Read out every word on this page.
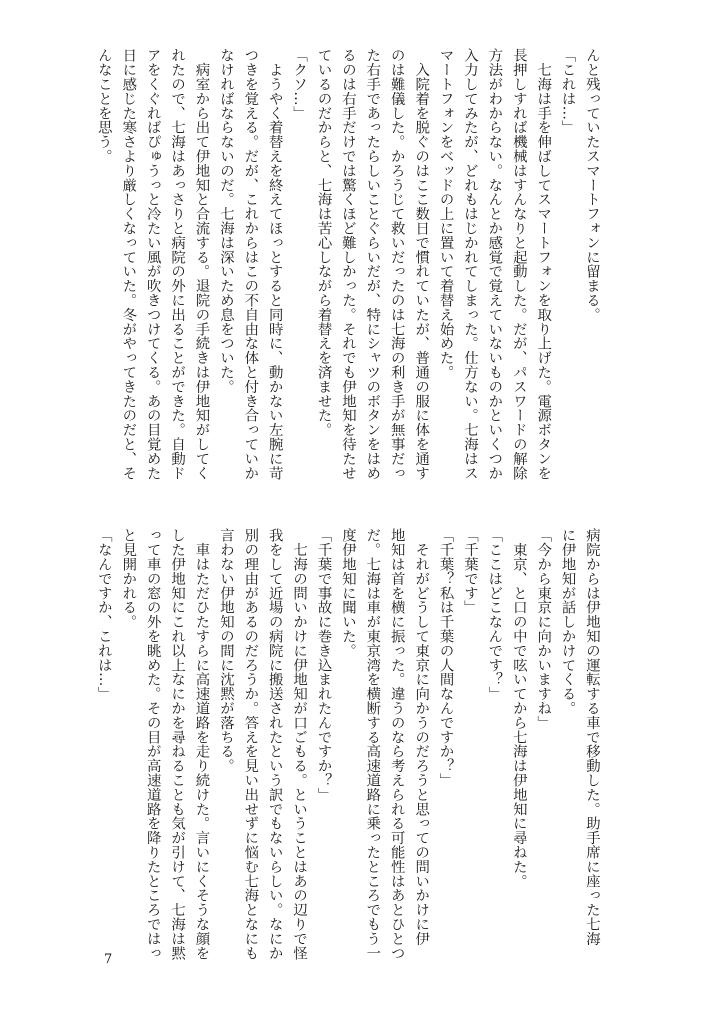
んと残っていたスマートフォンに留まる。
「これは…」
　七海は手を伸ばしてスマートフォンを取り上げた。電源ボタンを
長押しすれば機械はすんなりと起動した。だが、パスワードの解除
方法がわからない。なんとか感覚で覚えていないものかといくつか
入力してみたが、どれもはじかれてしまった。仕方ない。七海はス
マートフォンをベッドの上に置いて着替え始めた。
　入院着を脱ぐのはここ数日で慣れていたが、普通の服に体を通す
のは難儀した。かろうじて救いだったのは七海の利き手が無事だっ
た右手であったらしいことぐらいだが、特にシャツのボタンをはめ
るのは右手だけでは驚くほど難しかった。それでも伊地知を待たせ
ているのだからと、七海は苦心しながら着替えを済ませた。
「クソ…」
　ようやく着替えを終えてほっとすると同時に、動かない左腕に苛
つきを覚える。だが、これからはこの不自由な体と付き合っていか
なければならないのだ。七海は深いため息をついた。
　病室から出て伊地知と合流する。退院の手続きは伊地知がしてく
れたので、七海はあっさりと病院の外に出ることができた。自動ド
アをくぐればぴゅうっと冷たい風が吹きつけてくる。あの目覚めた
日に感じた寒さより厳しくなっていた。冬がやってきたのだと、そ
んなことを思う。
病院からは伊地知の運転する車で移動した。助手席に座った七海
に伊地知が話しかけてくる。
「今から東京に向かいますね」
　東京、と口の中で呟いてから七海は伊地知に尋ねた。
「ここはどこなんです？」
「千葉です」
「千葉？私は千葉の人間なんですか？」
　それがどうして東京に向かうのだろうと思っての問いかけに伊
地知は首を横に振った。違うのなら考えられる可能性はあとひとつ
だ。七海は車が東京湾を横断する高速道路に乗ったところでもう一
度伊地知に聞いた。
「千葉で事故に巻き込まれたんですか？」
　七海の問いかけに伊地知が口ごもる。ということはあの辺りで怪
我をして近場の病院に搬送されたという訳でもないらしい。なにか
別の理由があるのだろうか。答えを見い出せずに悩む七海となにも
言わない伊地知の間に沈黙が落ちる。
　車はただひたすらに高速道路を走り続けた。言いにくそうな顔を
した伊地知にこれ以上なにかを尋ねることも気が引けて、七海は黙
って車の窓の外を眺めた。その目が高速道路を降りたところではっ
と見開かれる。
「なんですか、これは…」
7
